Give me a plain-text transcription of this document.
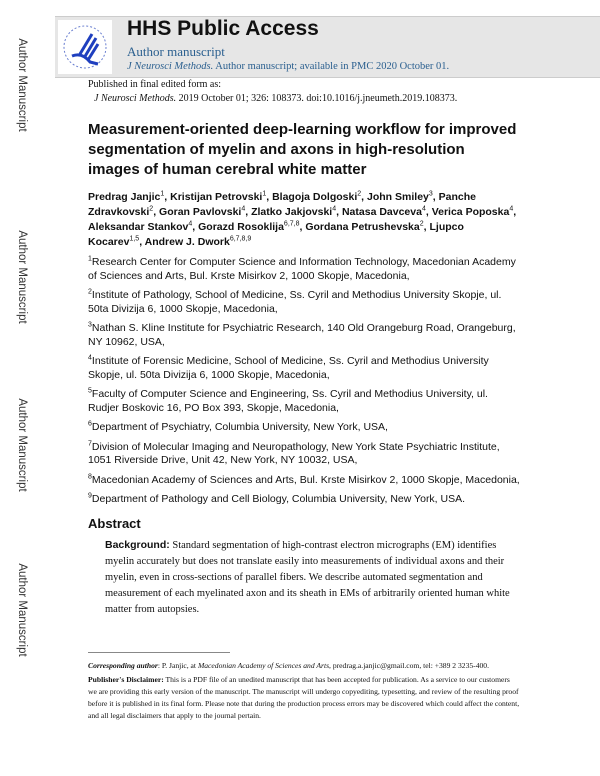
Author Manuscript
Author Manuscript
Author Manuscript
Author Manuscript
HHS Public Access
Author manuscript
J Neurosci Methods. Author manuscript; available in PMC 2020 October 01.
Published in final edited form as:
J Neurosci Methods. 2019 October 01; 326: 108373. doi:10.1016/j.jneumeth.2019.108373.
Measurement-oriented deep-learning workflow for improved segmentation of myelin and axons in high-resolution images of human cerebral white matter
Predrag Janjic$^1$, Kristijan Petrovski$^1$, Blagoja Dolgoski$^2$, John Smiley$^3$, Panche Zdravkovski$^2$, Goran Pavlovski$^4$, Zlatko Jakjovski$^4$, Natasa Davceva$^4$, Verica Poposka$^4$, Aleksandar Stankov$^4$, Gorazd Rosoklija$^{6,7,8}$, Gordana Petrushevska$^2$, Ljupco Kocarev$^{1,5}$, Andrew J. Dwork$^{6,7,8,9}$

$^1$Research Center for Computer Science and Information Technology, Macedonian Academy of Sciences and Arts, Bul. Krste Misirkov 2, 1000 Skopje, Macedonia,

$^2$Institute of Pathology, School of Medicine, Ss. Cyril and Methodius University Skopje, ul. 50ta Divizija 6, 1000 Skopje, Macedonia,

$^3$Nathan S. Kline Institute for Psychiatric Research, 140 Old Orangeburg Road, Orangeburg, NY 10962, USA,

$^4$Institute of Forensic Medicine, School of Medicine, Ss. Cyril and Methodius University Skopje, ul. 50ta Divizija 6, 1000 Skopje, Macedonia,

$^5$Faculty of Computer Science and Engineering, Ss. Cyril and Methodius University, ul. Rudjer Boskovic 16, PO Box 393, Skopje, Macedonia,

$^6$Department of Psychiatry, Columbia University, New York, USA,

$^7$Division of Molecular Imaging and Neuropathology, New York State Psychiatric Institute, 1051 Riverside Drive, Unit 42, New York, NY 10032, USA,

$^8$Macedonian Academy of Sciences and Arts, Bul. Krste Misirkov 2, 1000 Skopje, Macedonia,

$^9$Department of Pathology and Cell Biology, Columbia University, New York, USA.

Abstract
Background: Standard segmentation of high-contrast electron micrographs (EM) identifies myelin accurately but does not translate easily into measurements of individual axons and their myelin, even in cross-sections of parallel fibers. We describe automated segmentation and measurement of each myelinated axon and its sheath in EMs of arbitrarily oriented human white matter from autopsies.

Corresponding author: P. Janjic, at Macedonian Academy of Sciences and Arts, predrag.a.janjic@gmail.com, tel: +389 2 3235-400.

Publisher's Disclaimer: This is a PDF file of an unedited manuscript that has been accepted for publication. As a service to our customers we are providing this early version of the manuscript. The manuscript will undergo copyediting, typesetting, and review of the resulting proof before it is published in its final form. Please note that during the production process errors may be discovered which could affect the content, and all legal disclaimers that apply to the journal pertain.
